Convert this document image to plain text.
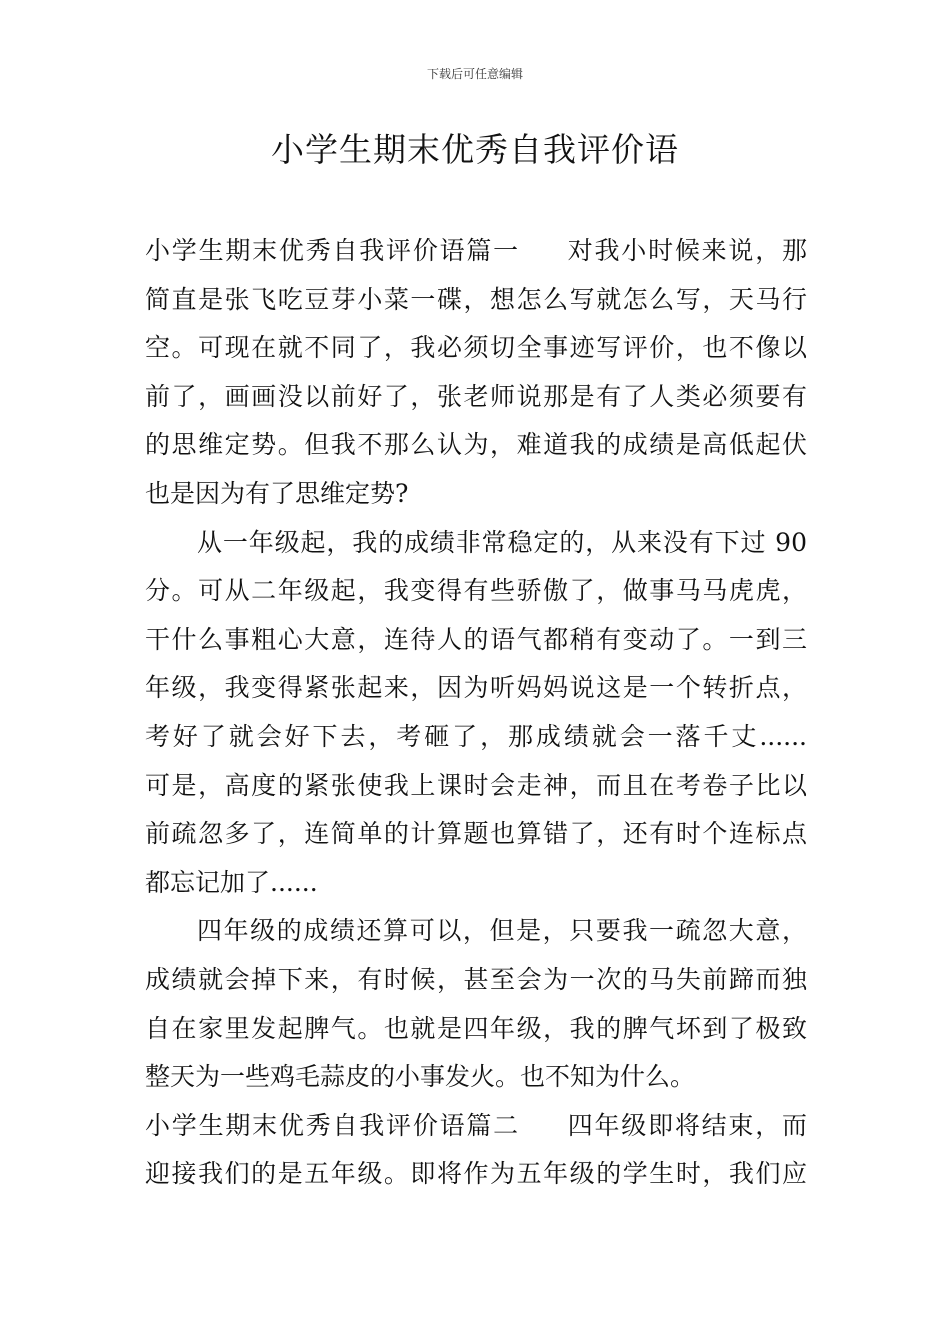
下载后可任意编辑
小学生期末优秀自我评价语
小学生期末优秀自我评价语篇一 对我小时候来说，那
简直是张飞吃豆芽小菜一碟，想怎么写就怎么写，天马行
空。可现在就不同了，我必须切全事迹写评价，也不像以
前了，画画没以前好了，张老师说那是有了人类必须要有
的思维定势。但我不那么认为，难道我的成绩是高低起伏
也是因为有了思维定势?
从一年级起，我的成绩非常稳定的，从来没有下过 90
分。可从二年级起，我变得有些骄傲了，做事马马虎虎，
干什么事粗心大意，连待人的语气都稍有变动了。一到三
年级，我变得紧张起来，因为听妈妈说这是一个转折点，
考好了就会好下去，考砸了，那成绩就会一落千丈......
可是，高度的紧张使我上课时会走神，而且在考卷子比以
前疏忽多了，连简单的计算题也算错了，还有时个连标点
都忘记加了......
四年级的成绩还算可以，但是，只要我一疏忽大意，
成绩就会掉下来，有时候，甚至会为一次的马失前蹄而独
自在家里发起脾气。也就是四年级，我的脾气坏到了极致
整天为一些鸡毛蒜皮的小事发火。也不知为什么。
小学生期末优秀自我评价语篇二 四年级即将结束，而
迎接我们的是五年级。即将作为五年级的学生时，我们应
